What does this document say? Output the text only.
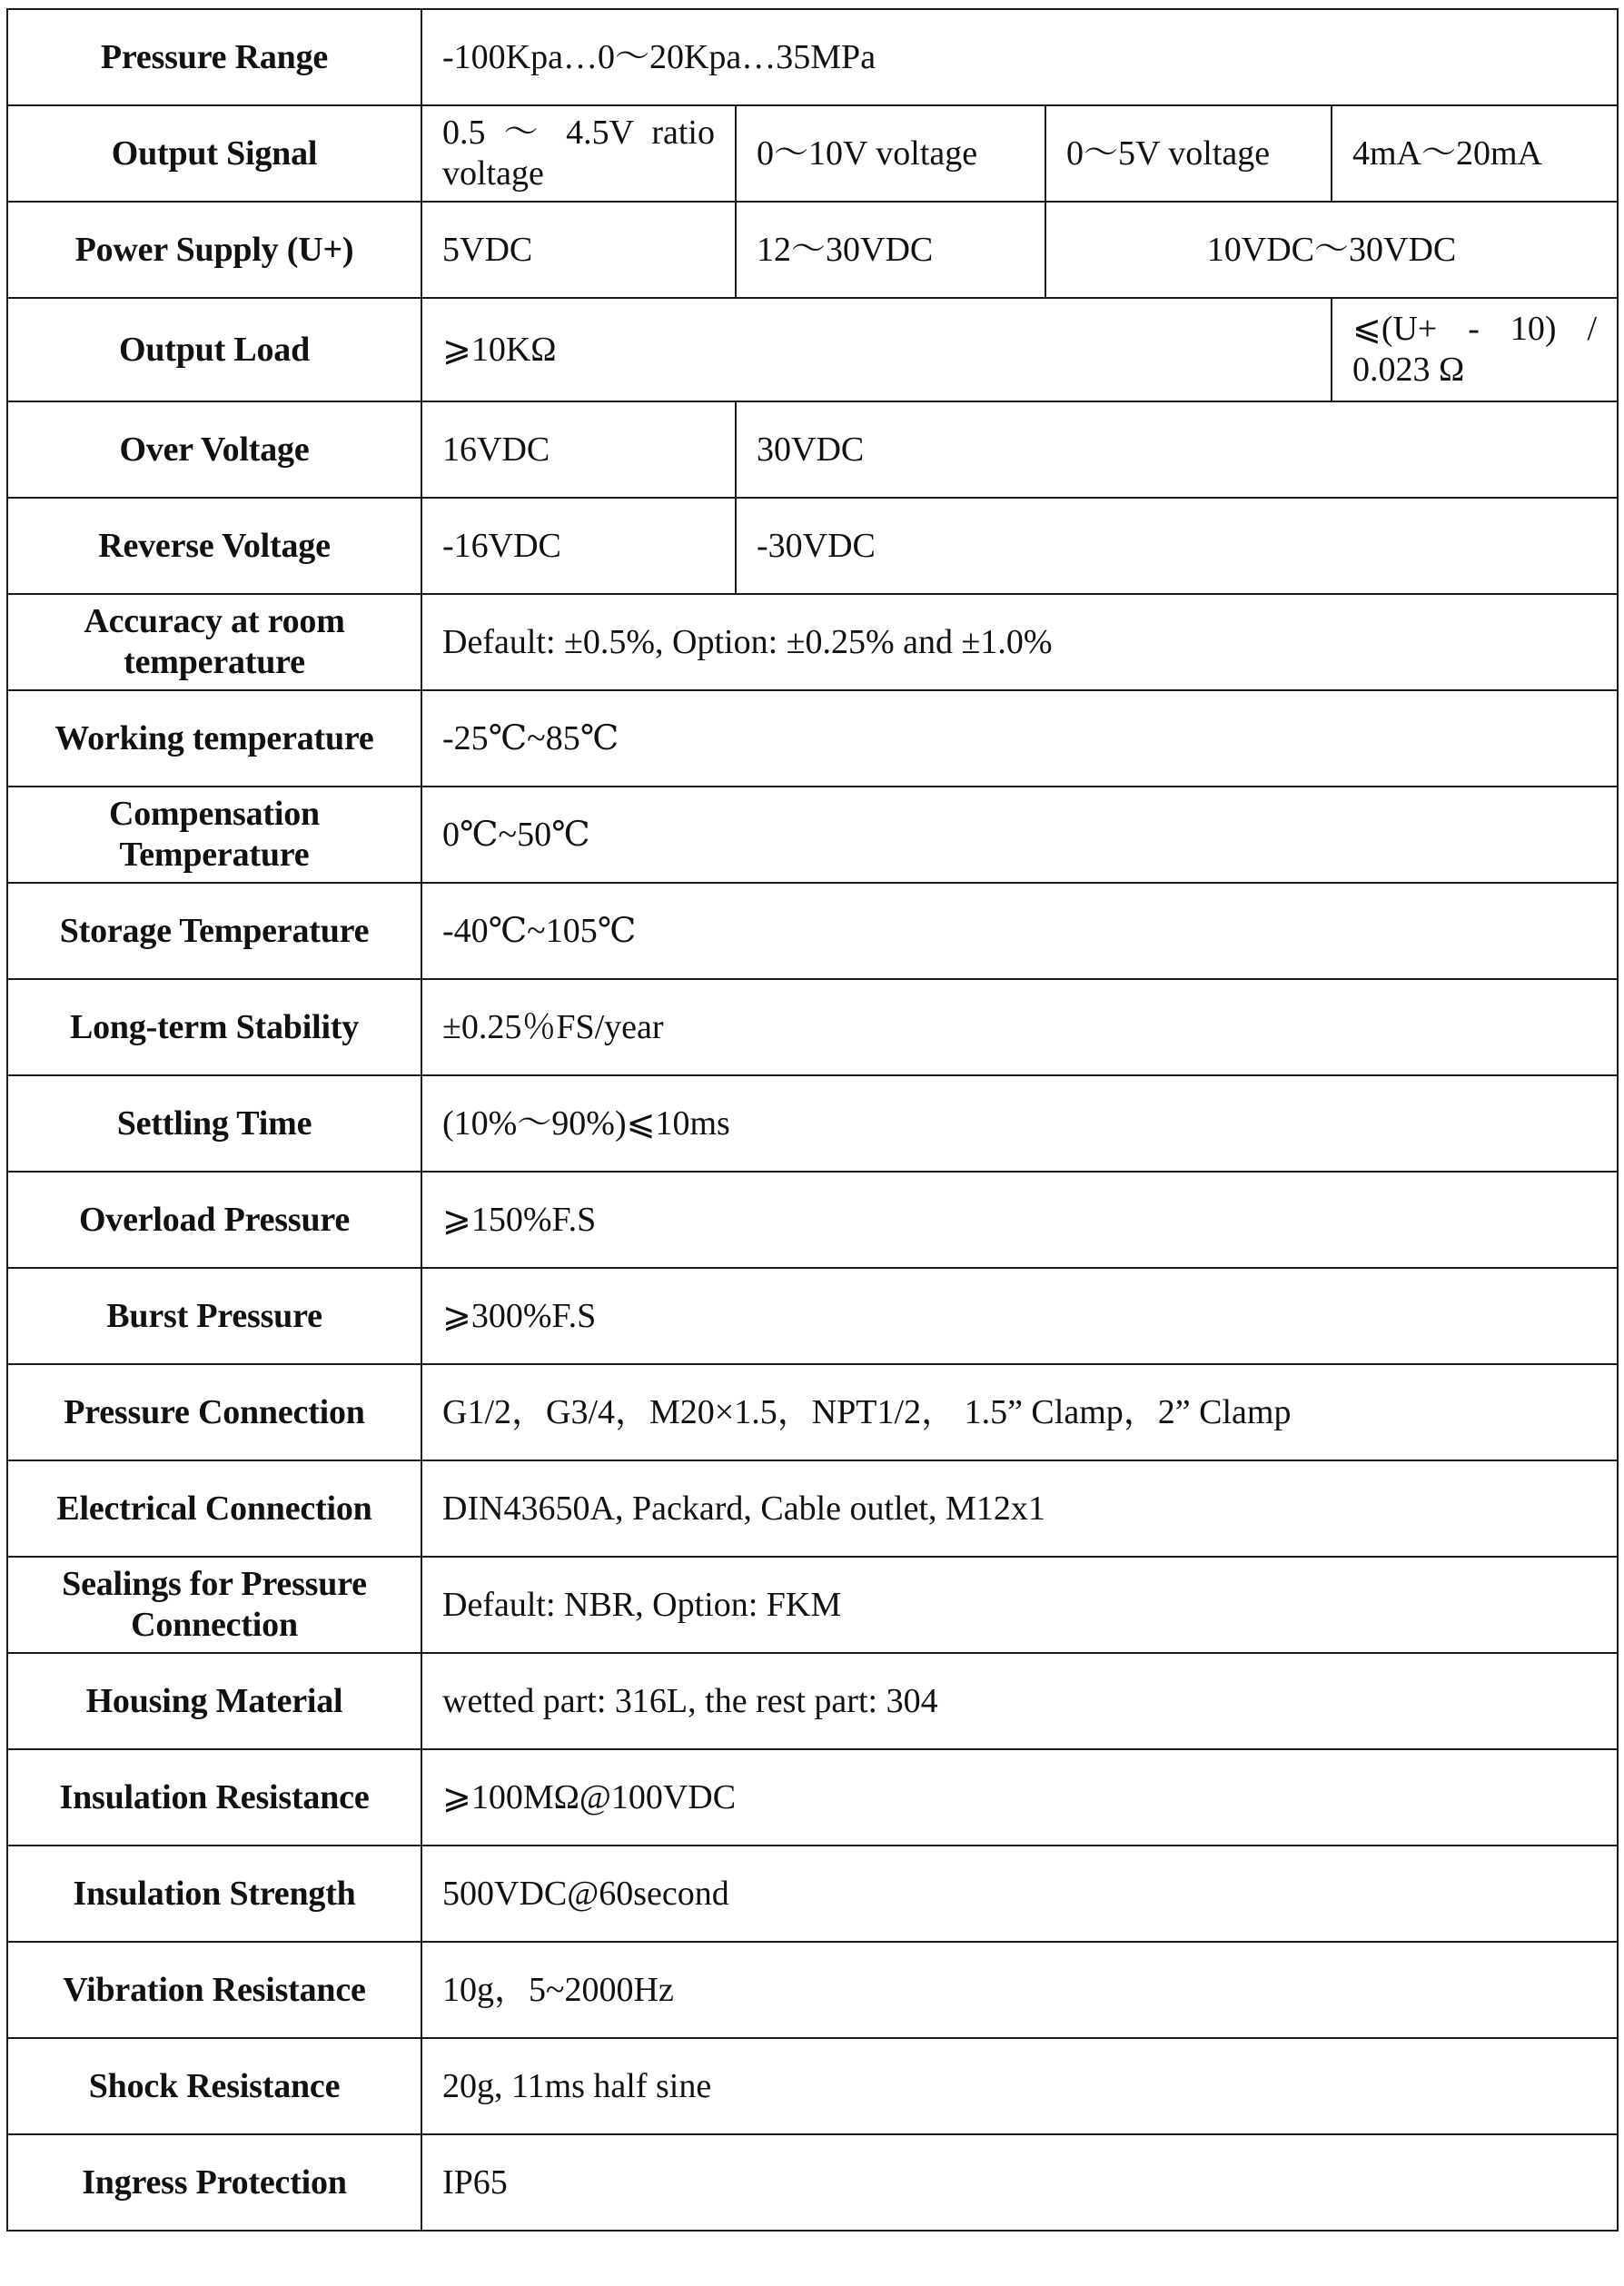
Pressure Range	-100Kpa…0～20Kpa…35MPa			
Output Signal	0.5 ～ 4.5V ratio voltage	0～10V voltage	0～5V voltage	4mA～20mA
Power Supply (U+)	5VDC	12～30VDC	10VDC～30VDC	
Output Load	⩾10KΩ			⩽(U+ - 10) / 0.023 Ω
Over Voltage	16VDC	30VDC		
Reverse Voltage	-16VDC	-30VDC		
Accuracy at room temperature	Default: ±0.5%, Option: ±0.25% and ±1.0%			
Working temperature	-25℃~85℃			
Compensation Temperature	0℃~50℃			
Storage Temperature	-40℃~105℃			
Long-term Stability	±0.25％FS/year			
Settling Time	(10%～90%)⩽10ms			
Overload Pressure	⩾150%F.S			
Burst Pressure	⩾300%F.S			
Pressure Connection	G1/2，G3/4，M20×1.5，NPT1/2， 1.5” Clamp，2” Clamp			
Electrical Connection	DIN43650A, Packard, Cable outlet, M12x1			
Sealings for Pressure Connection	Default: NBR, Option: FKM			
Housing Material	wetted part: 316L, the rest part: 304			
Insulation Resistance	⩾100MΩ@100VDC			
Insulation Strength	500VDC@60second			
Vibration Resistance	10g，5~2000Hz			
Shock Resistance	20g, 11ms half sine			
Ingress Protection	IP65			
